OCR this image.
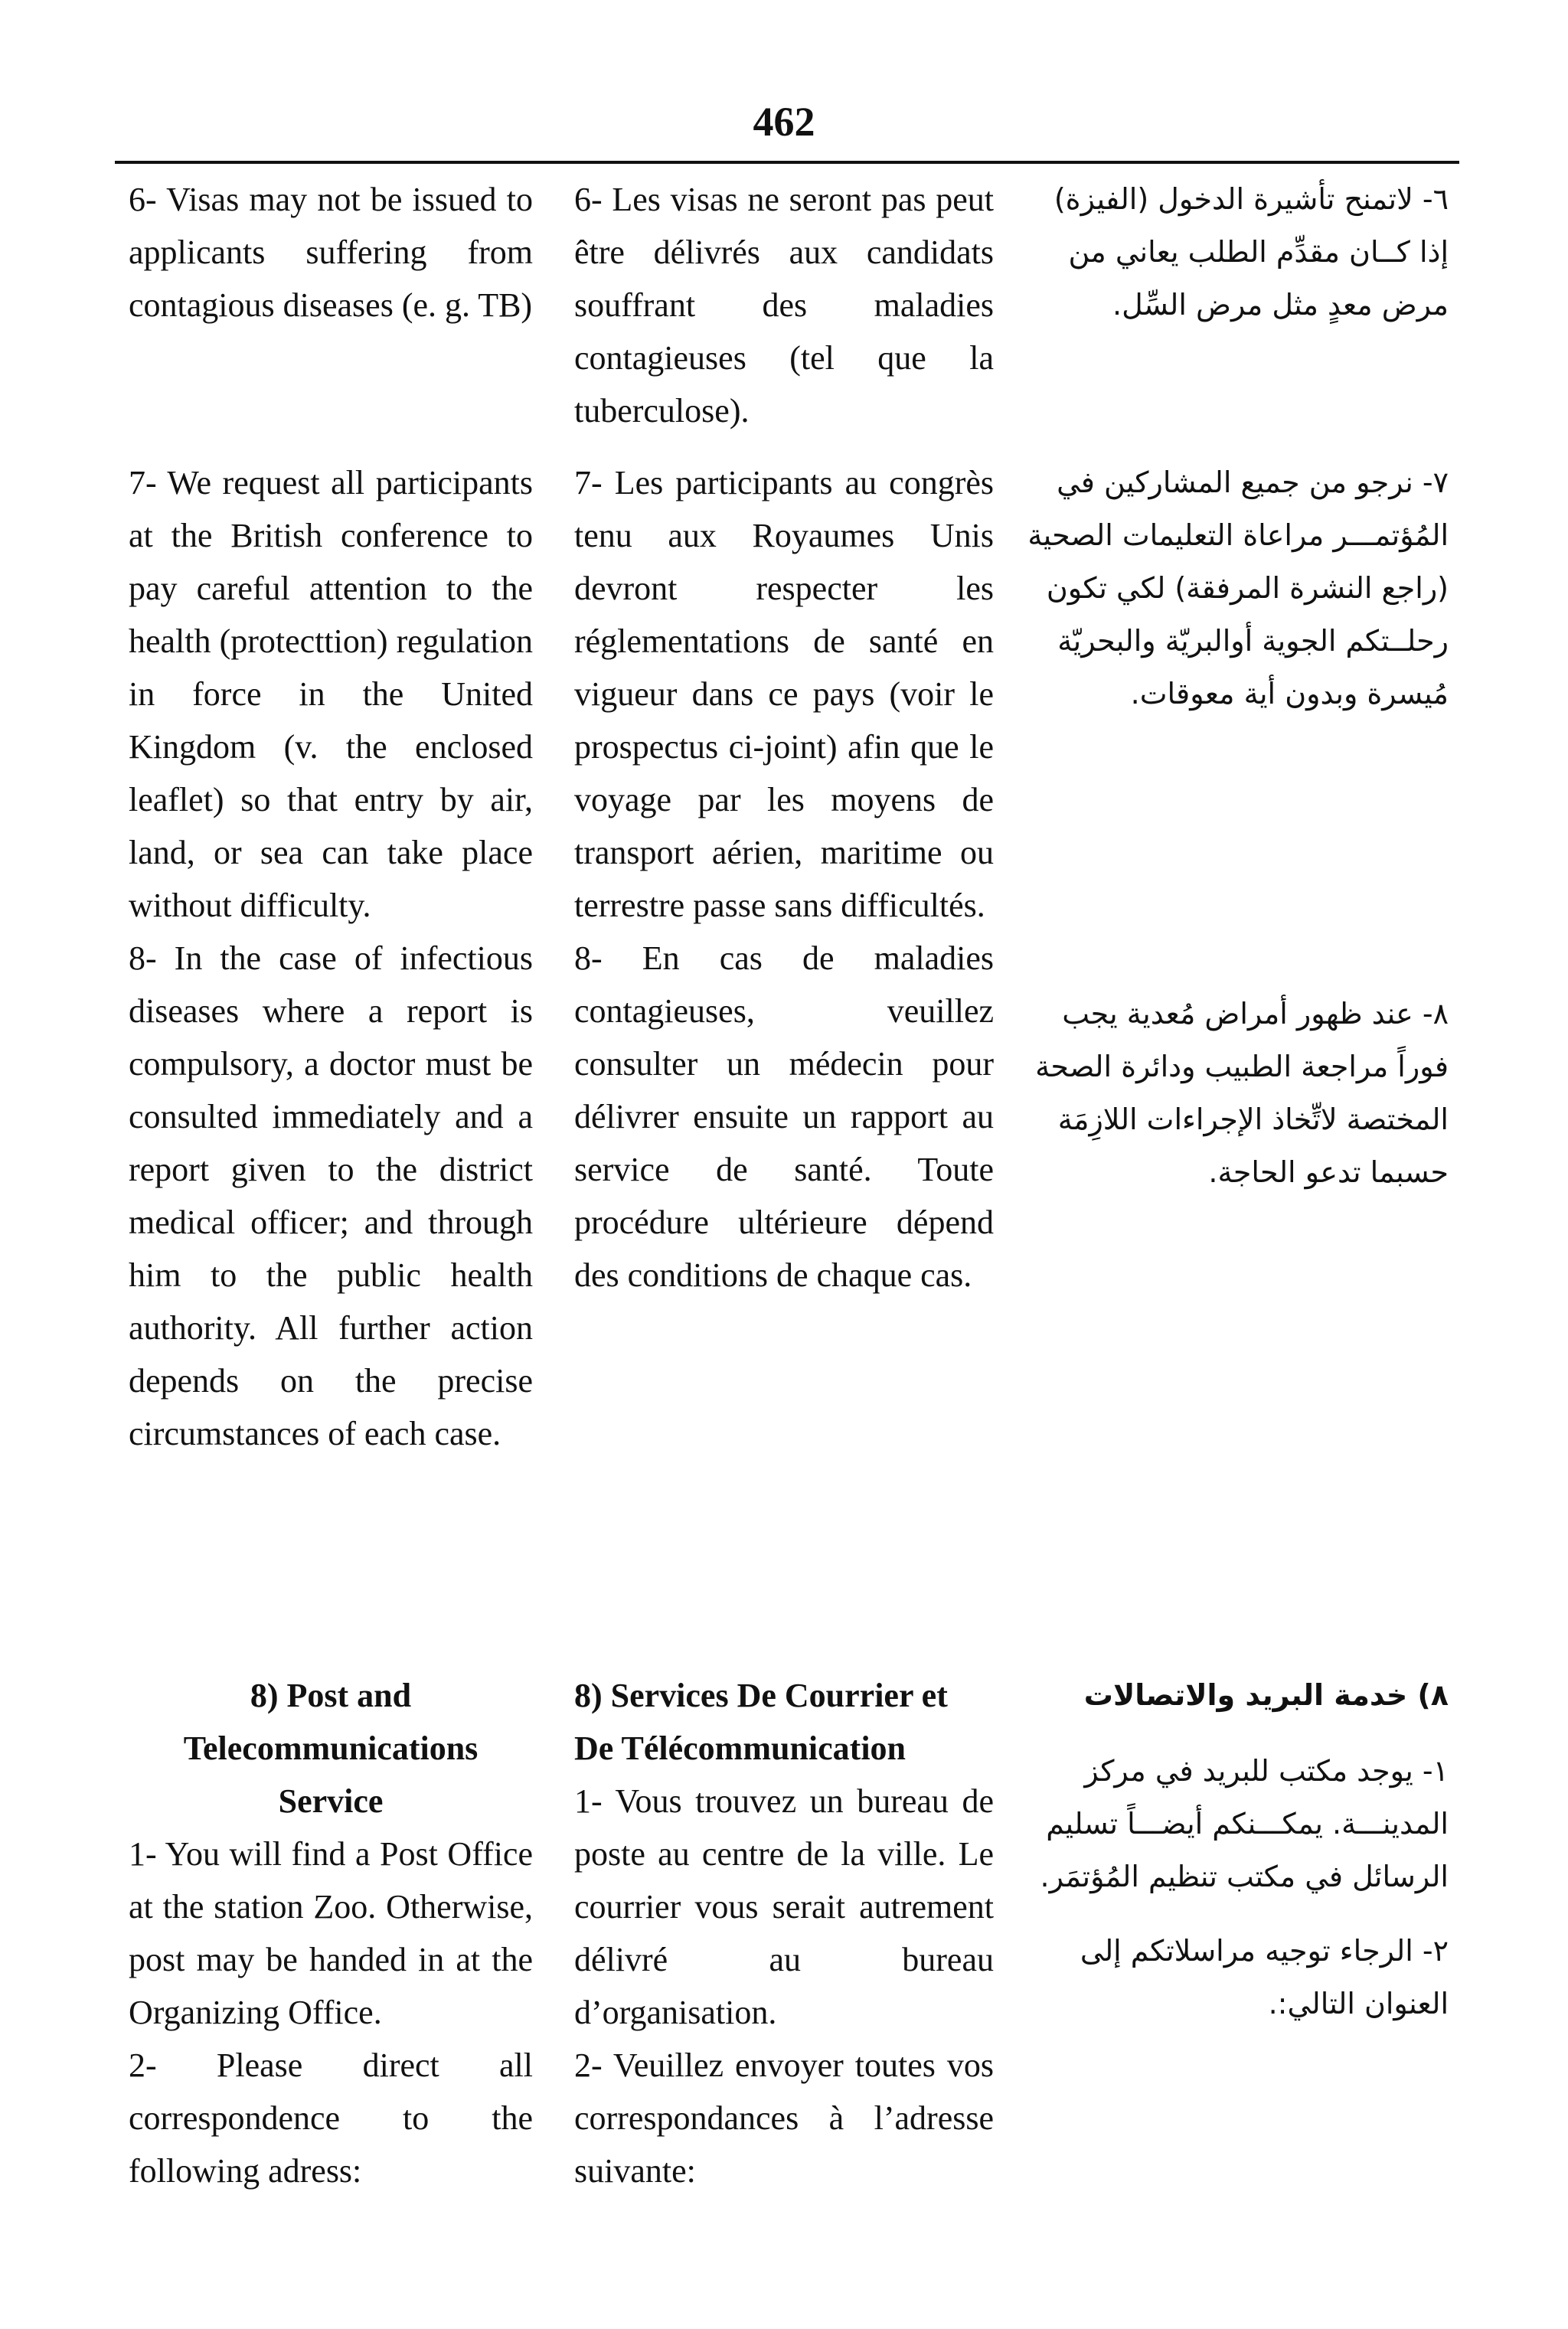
462
6- Visas may not be issued to applicants suffering from contagious diseases (e. g. TB)
7- We request all participants at the British conference to pay careful attention to the health (protecttion) regulation in force in the United Kingdom (v. the enclosed leaflet) so that entry by air, land, or sea can take place without difficulty.
8- In the case of infectious diseases where a report is compulsory, a doctor must be consulted immediately and a report given to the district medical officer; and through him to the public health authority. All further action depends on the precise circumstances of each case.
8) Post and Telecommunications Service
1- You will find a Post Office at the station Zoo. Otherwise, post may be handed in at the Organizing Office.
2- Please direct all correspondence to the following adress:
6- Les visas ne seront pas peut être délivrés aux candidats souffrant des maladies contagieuses (tel que la tuberculose).
7- Les participants au congrès tenu aux Royaumes Unis devront respecter les réglementations de santé en vigueur dans ce pays (voir le prospectus ci-joint) afin que le voyage par les moyens de transport aérien, maritime ou terrestre passe sans difficultés.
8- En cas de maladies contagieuses, veuillez consulter un médecin pour délivrer ensuite un rapport au service de santé. Toute procédure ultérieure dépend des conditions de chaque cas.
8) Services De Courrier et De Télécommunication
1- Vous trouvez un bureau de poste au centre de la ville. Le courrier vous serait autrement délivré au bureau d’organisation.
2- Veuillez envoyer toutes vos correspondances à l’adresse suivante:
٦- لاتمنح تأشيرة الدخول (الفيزة) إذا كــان مقدِّم الطلب يعاني من مرض معدٍ مثل مرض السِّل.
٧- نرجو من جميع المشاركين في المُؤتمـــر مراعاة التعليمات الصحية (راجع النشرة المرفقة) لكي تكون رحلــتكم الجوية أوالبريّة والبحريّة مُيسرة وبدون أية معوقات.
٨- عند ظهور أمراض مُعدية يجب فوراً مراجعة الطبيب ودائرة الصحة المختصة لاتِّخاذ الإجراءات اللازِمَة حسبما تدعو الحاجة.
٨) خدمة البريد والاتصالات
١- يوجد مكتب للبريد في مركز المدينـــة. يمكـــنكم أيضـــاً تسليم الرسائل في مكتب تنظيم المُؤتمَر.
٢- الرجاء توجيه مراسلاتكم إلى العنوان التالي:.
